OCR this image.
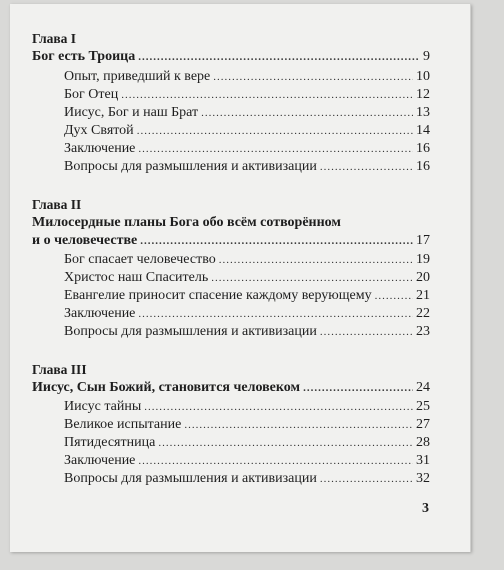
Глава I
Бог есть Троица .....	9
Опыт, приведший к вере .....	10
Бог Отец .....	12
Иисус, Бог и наш Брат .....	13
Дух Святой .....	14
Заключение .....	16
Вопросы для размышления и активизации .....	16
Глава II
Милосердные планы Бога обо всём сотворённом
и о человечестве .....	17
Бог спасает человечество .....	19
Христос наш Спаситель .....	20
Евангелие приносит спасение каждому верующему .....	21
Заключение .....	22
Вопросы для размышления и активизации .....	23
Глава III
Иисус, Сын Божий, становится человеком .....	24
Иисус тайны .....	25
Великое испытание .....	27
Пятидесятница .....	28
Заключение .....	31
Вопросы для размышления и активизации .....	32
3
